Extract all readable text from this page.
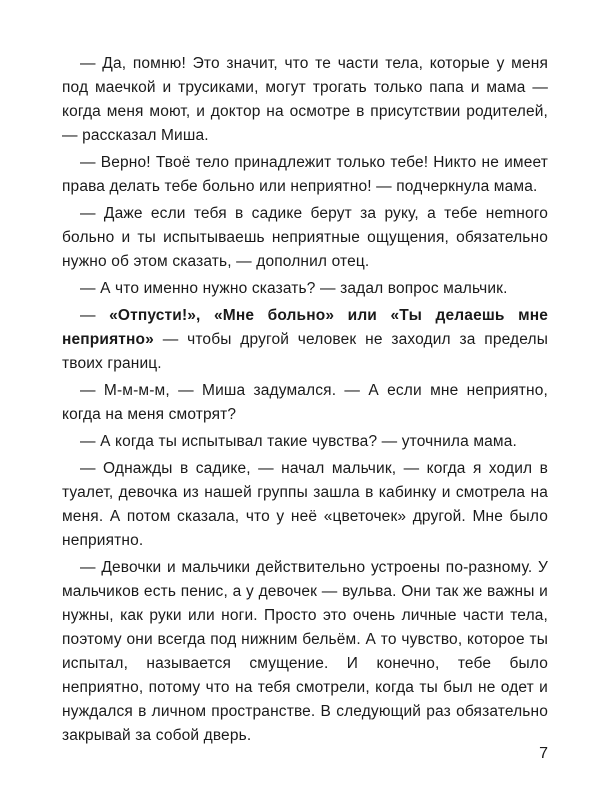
— Да, помню! Это значит, что те части тела, которые у меня под маечкой и трусиками, могут трогать только папа и мама — когда меня моют, и доктор на осмотре в присутствии родителей, — рассказал Миша.

— Верно! Твоё тело принадлежит только тебе! Никто не имеет права делать тебе больно или неприятно! — подчеркнула мама.

— Даже если тебя в садике берут за руку, а тебе неmного больно и ты испытываешь неприятные ощущения, обязательно нужно об этом сказать, — дополнил отец.

— А что именно нужно сказать? — задал вопрос мальчик.

— «Отпусти!», «Мне больно» или «Ты делаешь мне неприятно» — чтобы другой человек не заходил за пределы твоих границ.

— М-м-м-м, — Миша задумался. — А если мне неприятно, когда на меня смотрят?

— А когда ты испытывал такие чувства? — уточнила мама.

— Однажды в садике, — начал мальчик, — когда я ходил в туалет, девочка из нашей группы зашла в кабинку и смотрела на меня. А потом сказала, что у неё «цветочек» другой. Мне было неприятно.

— Девочки и мальчики действительно устроены по-разному. У мальчиков есть пенис, а у девочек — вульва. Они так же важны и нужны, как руки или ноги. Просто это очень личные части тела, поэтому они всегда под нижним бельём. А то чувство, которое ты испытал, называется смущение. И конечно, тебе было неприятно, потому что на тебя смотрели, когда ты был не одет и нуждался в личном пространстве. В следующий раз обязательно закрывай за собой дверь.

7
